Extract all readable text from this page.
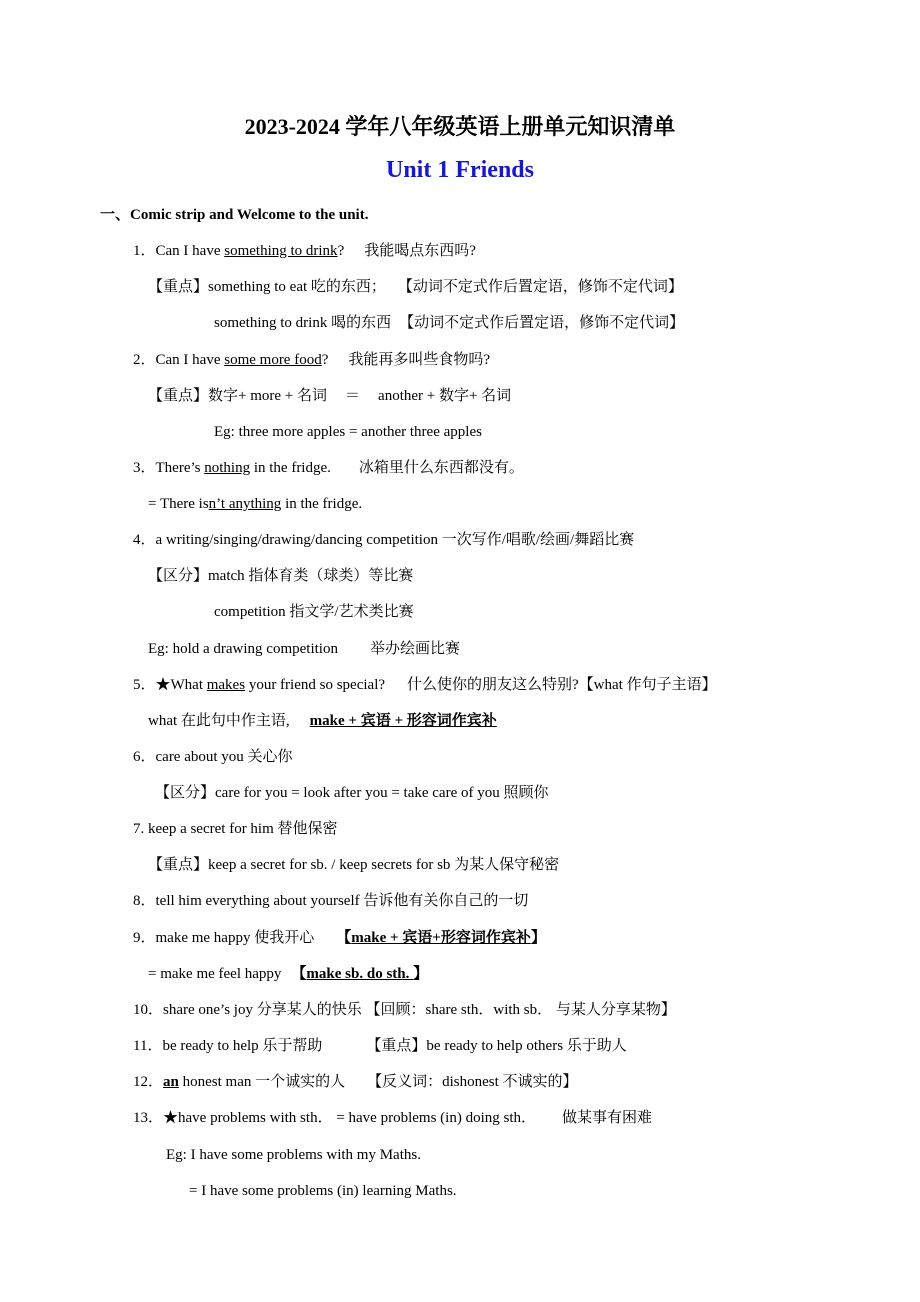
2023-2024 学年八年级英语上册单元知识清单
Unit 1 Friends
一、Comic strip and Welcome to the unit.
1．Can I have something to drink? 我能喝点东西吗?
【重点】something to eat 吃的东西； 【动词不定式作后置定语，修饰不定代词】
something to drink 喝的东西 【动词不定式作后置定语，修饰不定代词】
2．Can I have some more food? 我能再多叫些食物吗?
【重点】数字+ more + 名词 ＝ another + 数字+ 名词
Eg: three more apples = another three apples
3．There’s nothing in the fridge. 冰箱里什么东西都没有。
= There isn’t anything in the fridge.
4．a writing/singing/drawing/dancing competition 一次写作/唱歌/绘画/舞蹈比赛
【区分】match 指体育类（球类）等比赛
competition 指文学/艺术类比赛
Eg: hold a drawing competition 举办绘画比赛
5．★What makes your friend so special? 什么使你的朋友这么特别?【what 作句子主语】
what 在此句中作主语, make + 宾语 + 形容词作宾补
6．care about you 关心你
【区分】care for you = look after you = take care of you 照顾你
7. keep a secret for him 替他保密
【重点】keep a secret for sb. / keep secrets for sb 为某人保守秘密
8．tell him everything about yourself 告诉他有关你自己的一切
9．make me happy 使我开心 【make + 宾语+形容词作宾补】
= make me feel happy 【make sb. do sth. 】
10．share one’s joy 分享某人的快乐 【回顾：share sth．with sb． 与某人分享某物】
11．be ready to help 乐于帮助	【重点】be ready to help others 乐于助人
12．an honest man 一个诚实的人 【反义词：dishonest 不诚实的】
13．★have problems with sth． = have problems (in) doing sth． 做某事有困难
Eg: I have some problems with my Maths.
= I have some problems (in) learning Maths.
